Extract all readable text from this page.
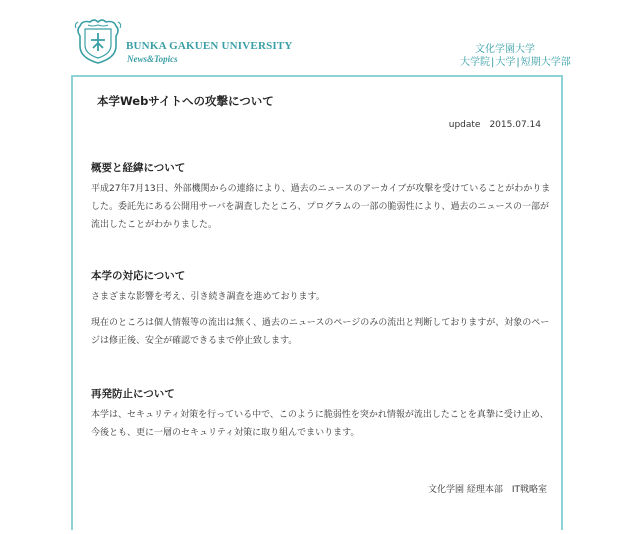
BUNKA GAKUEN UNIVERSITY
News&Topics
文化学園大学
大学院|大学|短期大学部
本学Webサイトへの攻撃について
update　2015.07.14
概要と経緯について
平成27年7月13日、外部機関からの連絡により、過去のニュースのアーカイブが攻撃を受けていることがわかりました。委託先にある公開用サーバを調査したところ、プログラムの一部の脆弱性により、過去のニュースの一部が流出したことがわかりました。
本学の対応について
さまざまな影響を考え、引き続き調査を進めております。
現在のところは個人情報等の流出は無く、過去のニュースのページのみの流出と判断しておりますが、対象のページは修正後、安全が確認できるまで停止致します。
再発防止について
本学は、セキュリティ対策を行っている中で、このように脆弱性を突かれ情報が流出したことを真摯に受け止め、今後とも、更に一層のセキュリティ対策に取り組んでまいります。
文化学園 経理本部　IT戦略室
